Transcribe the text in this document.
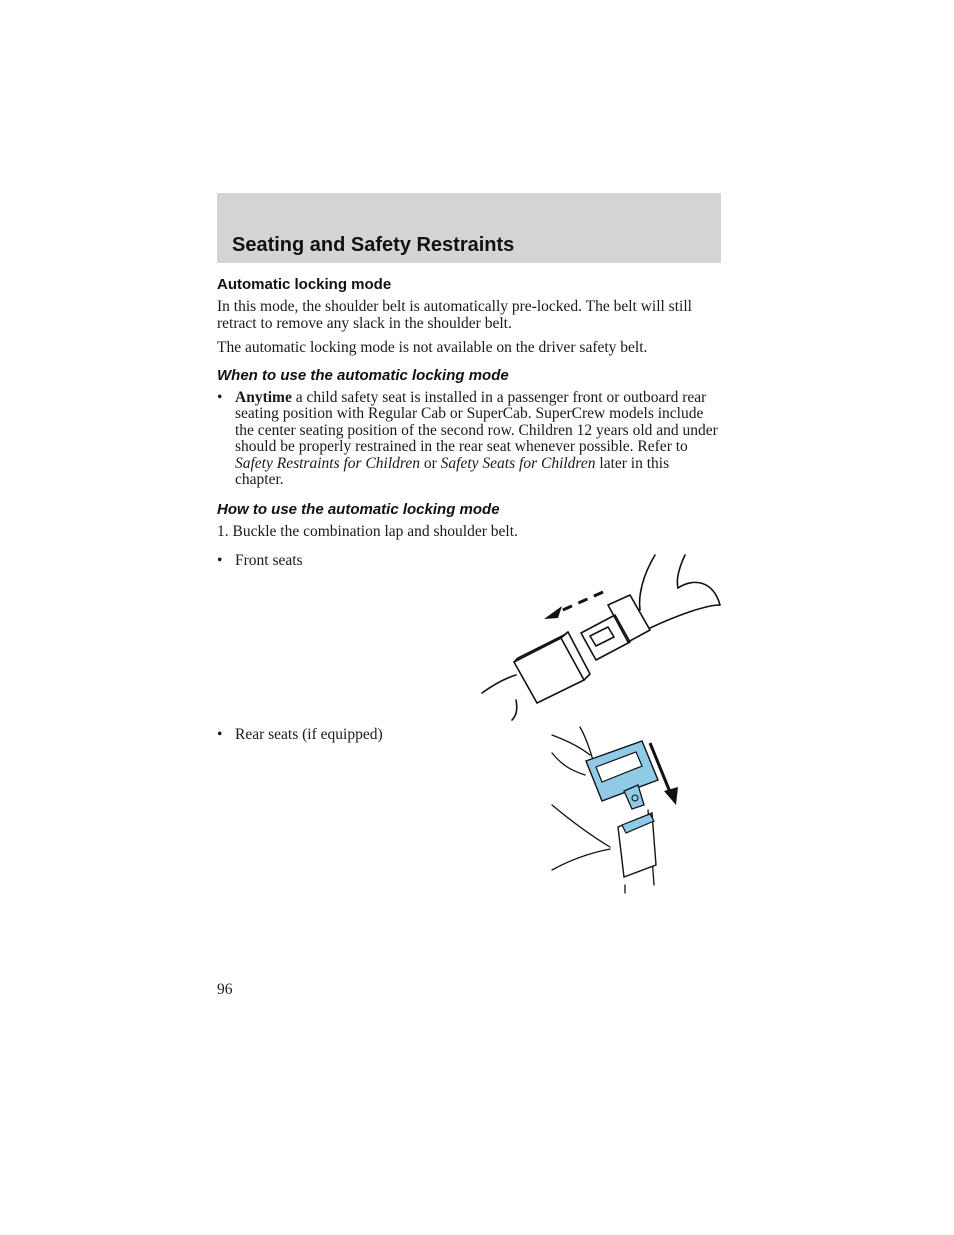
Seating and Safety Restraints
Automatic locking mode

In this mode, the shoulder belt is automatically pre-locked. The belt will still retract to remove any slack in the shoulder belt.

The automatic locking mode is not available on the driver safety belt.

When to use the automatic locking mode
• Anytime a child safety seat is installed in a passenger front or outboard rear seating position with Regular Cab or SuperCab. SuperCrew models include the center seating position of the second row. Children 12 years old and under should be properly restrained in the rear seat whenever possible. Refer to Safety Restraints for Children or Safety Seats for Children later in this chapter.
How to use the automatic locking mode

1. Buckle the combination lap and shoulder belt.

• Front seats
• Rear seats (if equipped)
96
